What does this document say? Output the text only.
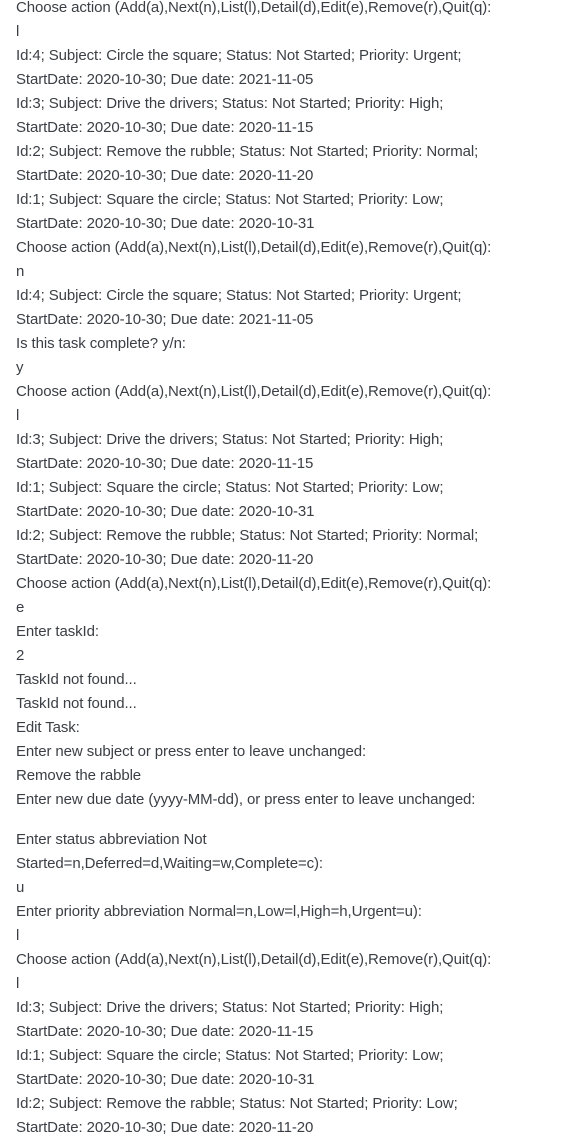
Choose action (Add(a),Next(n),List(l),Detail(d),Edit(e),Remove(r),Quit(q):
l
Id:4; Subject: Circle the square; Status: Not Started; Priority: Urgent;
StartDate: 2020-10-30; Due date: 2021-11-05
Id:3; Subject: Drive the drivers; Status: Not Started; Priority: High;
StartDate: 2020-10-30; Due date: 2020-11-15
Id:2; Subject: Remove the rubble; Status: Not Started; Priority: Normal;
StartDate: 2020-10-30; Due date: 2020-11-20
Id:1; Subject: Square the circle; Status: Not Started; Priority: Low;
StartDate: 2020-10-30; Due date: 2020-10-31
Choose action (Add(a),Next(n),List(l),Detail(d),Edit(e),Remove(r),Quit(q):
n
Id:4; Subject: Circle the square; Status: Not Started; Priority: Urgent;
StartDate: 2020-10-30; Due date: 2021-11-05
Is this task complete? y/n:
y
Choose action (Add(a),Next(n),List(l),Detail(d),Edit(e),Remove(r),Quit(q):
l
Id:3; Subject: Drive the drivers; Status: Not Started; Priority: High;
StartDate: 2020-10-30; Due date: 2020-11-15
Id:1; Subject: Square the circle; Status: Not Started; Priority: Low;
StartDate: 2020-10-30; Due date: 2020-10-31
Id:2; Subject: Remove the rubble; Status: Not Started; Priority: Normal;
StartDate: 2020-10-30; Due date: 2020-11-20
Choose action (Add(a),Next(n),List(l),Detail(d),Edit(e),Remove(r),Quit(q):
e
Enter taskId:
2
TaskId not found...
TaskId not found...
Edit Task:
Enter new subject or press enter to leave unchanged:
Remove the rabble
Enter new due date (yyyy-MM-dd), or press enter to leave unchanged:
Enter status abbreviation Not
Started=n,Deferred=d,Waiting=w,Complete=c):
u
Enter priority abbreviation Normal=n,Low=l,High=h,Urgent=u):
l
Choose action (Add(a),Next(n),List(l),Detail(d),Edit(e),Remove(r),Quit(q):
l
Id:3; Subject: Drive the drivers; Status: Not Started; Priority: High;
StartDate: 2020-10-30; Due date: 2020-11-15
Id:1; Subject: Square the circle; Status: Not Started; Priority: Low;
StartDate: 2020-10-30; Due date: 2020-10-31
Id:2; Subject: Remove the rabble; Status: Not Started; Priority: Low;
StartDate: 2020-10-30; Due date: 2020-11-20
